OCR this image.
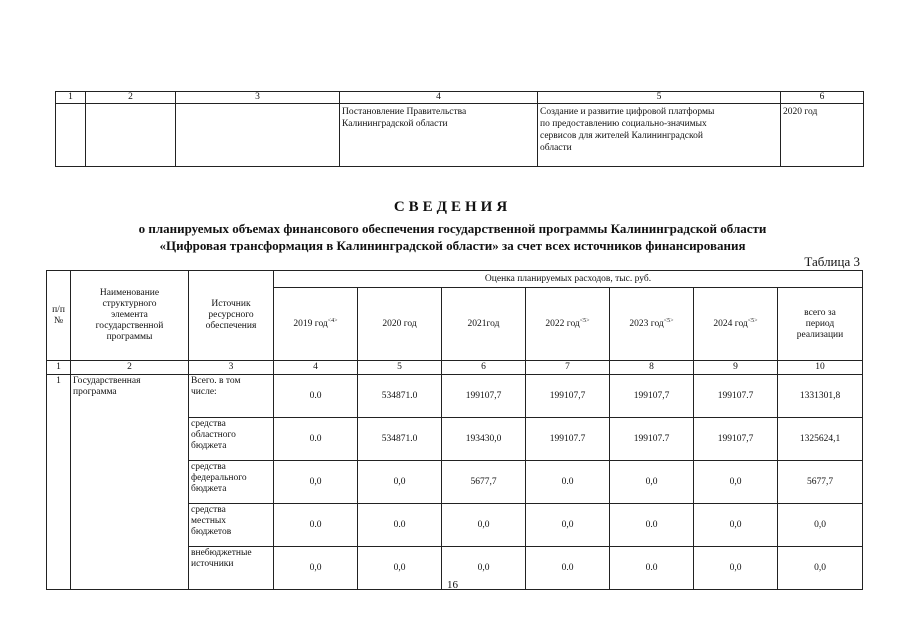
1	2	3	4	5	6
			Постановление Правительства
Калининградской области	Создание и развитие цифровой платформы
по предоставлению социально-значимых
сервисов для жителей Калининградской
области	2020 год
СВЕДЕНИЯ
о планируемых объемах финансового обеспечения государственной программы Калининградской области
«Цифровая трансформация в Калининградской области» за счет всех источников финансирования
Таблица 3
п/п
№	Наименование
структурного
элемента
государственной
программы	Источник
ресурсного
обеспечения	Оценка планируемых расходов, тыс. руб.						
			2019 год$^{<4>}$	2020 год	2021год	2022 год$^{<5>}$	2023 год$^{<5>}$	2024 год$^{<5>}$	всего за
период
реализации
1	2	3	4	5	6	7	8	9	10
1	Государственная
программа	Всего. в том
числе:	0.0	534871.0	199107,7	199107,7	199107,7	199107.7	1331301,8
		средства
областного
бюджета	0.0	534871.0	193430,0	199107.7	199107.7	199107,7	1325624,1
		средства
федерального
бюджета	0,0	0,0	5677,7	0.0	0,0	0,0	5677,7
		средства
местных
бюджетов	0.0	0.0	0,0	0,0	0.0	0,0	0,0
		внебюджетные
источники	0,0	0,0	0,0	0.0	0.0	0,0	0,0
16
